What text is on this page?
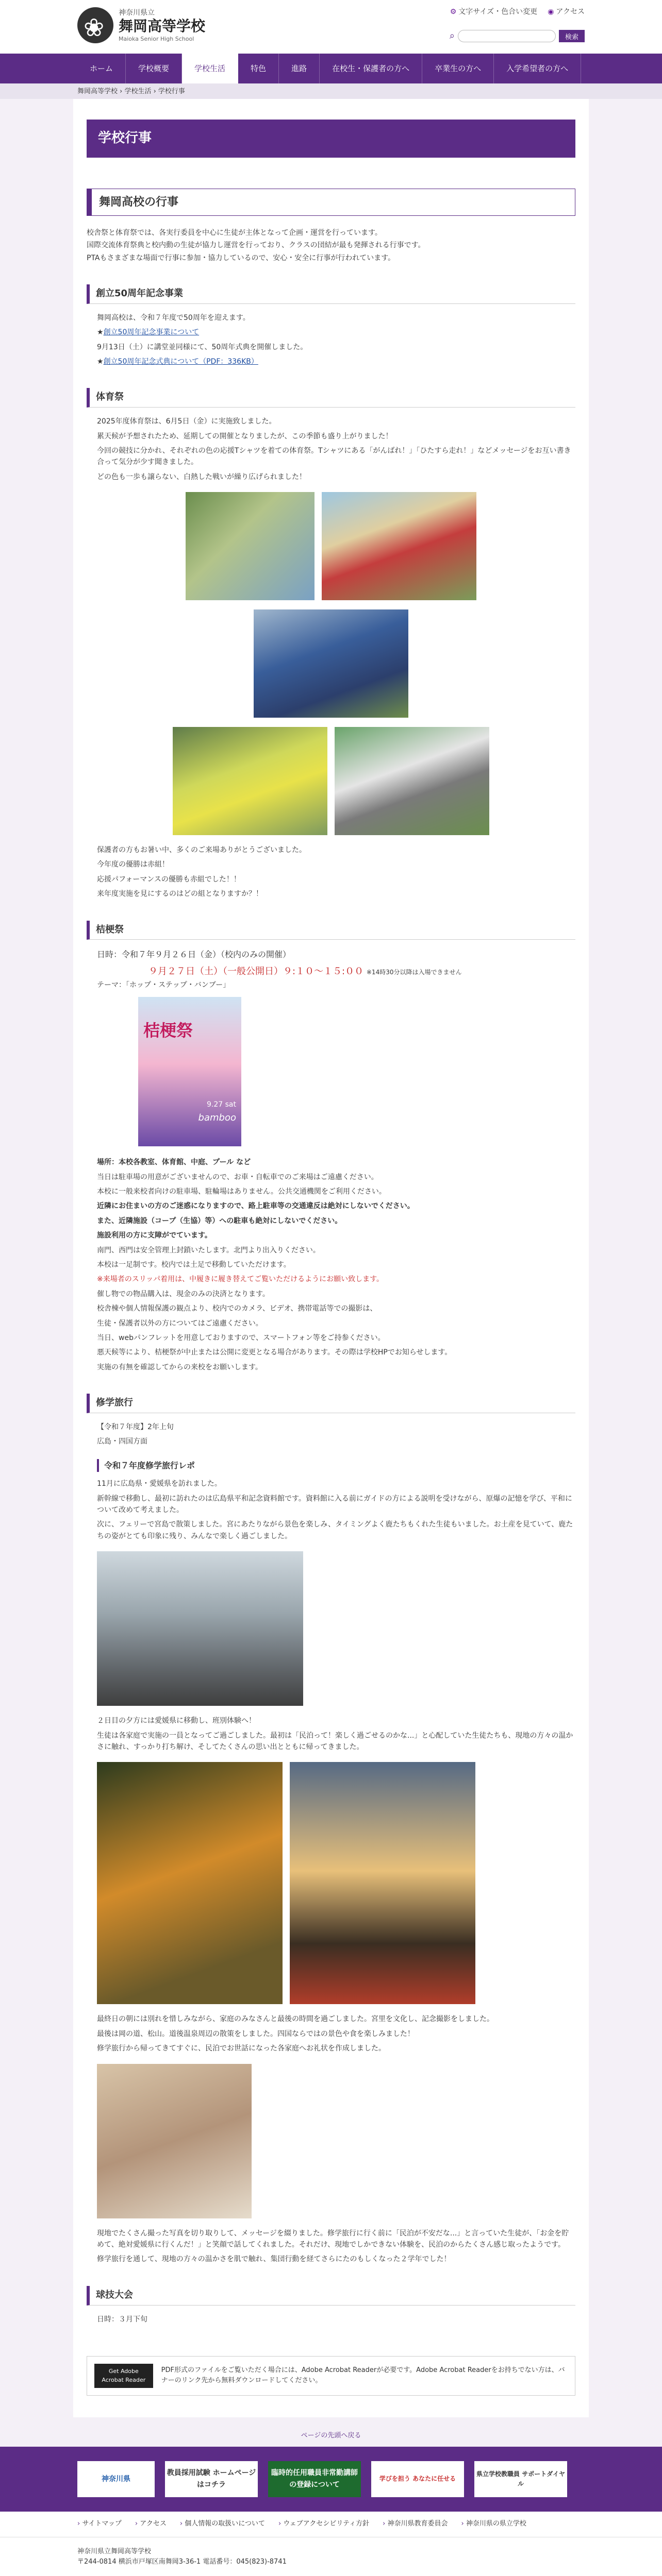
❀
神奈川県立
舞岡高等学校
Maioka Senior High School
⚙ 文字サイズ・色合い変更 ◉ アクセス
⌕	検索
ホーム	学校概要	学校生活	特色	進路	在校生・保護者の方へ	卒業生の方へ	入学希望者の方へ
舞岡高等学校 › 学校生活 › 学校行事
学校行事
舞岡高校の行事

校舎祭と体育祭では、各実行委員を中心に生徒が主体となって企画・運営を行っています。

国際交流体育祭典と校内動の生徒が協力し運営を行っており、クラスの団結が最も発揮される行事です。

PTAもさまざまな場面で行事に参加・協力しているので、安心・安全に行事が行われています。

創立50周年記念事業

舞岡高校は、令和７年度で50周年を迎えます。

★創立50周年記念事業について

9月13日（土）に講堂並同様にて、50周年式典を開催しました。

★創立50周年記念式典について（PDF：336KB）

体育祭

2025年度体育祭は、6月5日（金）に実施致しました。

累天候が予想されたため、延期しての開催となりましたが、この季節も盛り上がりました！

今回の競技に分かれ、それぞれの色の応援Tシャツを着ての体育祭。Tシャツにある「がんばれ！」「ひたすら走れ！」などメッセージをお互い書き合って気分が少す聞きました。

どの色も一歩も譲らない、白熱した戦いが繰り広げられました！

保護者の方もお暑い中、多くのご来場ありがとうございました。

今年度の優勝は赤組！

応援パフォーマンスの優勝も赤組でした！！

来年度実施を見にするのはどの組となりますか？！

桔梗祭

日時：令和７年９月２６日（金）（校内のみの開催）

９月２７日（土）（一般公開日）９:１０～１５:００ ※14時30分以降は入場できません

テーマ：「ホップ・ステップ・バンブー」

桔梗祭
9.27 sat
bamboo

場所：本校各教室、体育館、中庭、プール など

当日は駐車場の用意がございませんので、お車・自転車でのご来場はご遠慮ください。

本校に一般来校者向けの駐車場、駐輪場はありません。公共交通機関をご利用ください。

近隣にお住まいの方のご迷惑になりますので、路上駐車等の交通違反は絶対にしないでください。

また、近隣施設（コープ（生協）等）への駐車も絶対にしないでください。

施設利用の方に支障がでています。

南門、西門は安全管理上封鎖いたします。北門より出入りください。

本校は一足制です。校内では土足で移動していただけます。

※来場者のスリッパ着用は、中履きに履き替えてご覧いただけるようにお願い致します。

催し物での物品購入は、現金のみの決済となります。

校舎棟や個人情報保護の観点より、校内でのカメラ、ビデオ、携帯電話等での撮影は、

生徒・保護者以外の方についてはご遠慮ください。

当日、webパンフレットを用意しておりますので、スマートフォン等をご持参ください。

悪天候等により、桔梗祭が中止または公開に変更となる場合があります。その際は学校HPでお知らせします。

実施の有無を確認してからの来校をお願いします。

修学旅行

【令和７年度】2年上旬

広島・四国方面

令和７年度修学旅行レポ

11月に広島県・愛媛県を訪れました。

新幹線で移動し、最初に訪れたのは広島県平和記念資料館です。資料館に入る前にガイドの方による説明を受けながら、原爆の記憶を学び、平和について改めて考えました。

次に、フェリーで宮島で散策しました。宮にあたりながら景色を楽しみ、タイミングよく鹿たちもくれた生徒もいました。お土産を見ていて、鹿たちの姿がとても印象に残り、みんなで楽しく過ごしました。

２日目の夕方には愛媛県に移動し、班別体験へ！

生徒は各家庭で実施の一員となってご過ごしました。最初は「民泊って！楽しく過ごせるのかな...」と心配していた生徒たちも、現地の方々の温かさに触れ、すっかり打ち解け、そしてたくさんの思い出とともに帰ってきました。

最終日の朝には別れを惜しみながら、家庭のみなさんと最後の時間を過ごしました。宮里を文化し、記念撮影をしました。

最後は岡の道、松山。道後温泉周辺の散策をしました。四国ならではの景色や食を楽しみました！

修学旅行から帰ってきてすぐに、民泊でお世話になった各家庭へお礼状を作成しました。

現地でたくさん撮った写真を切り取りして、メッセージを綴りました。修学旅行に行く前に「民泊が不安だな...」と言っていた生徒が、「お金を貯めて、絶対愛媛県に行くんだ！」と笑顔で話してくれました。それだけ、現地でしかできない体験を、民泊のからたくさん感じ取ったようです。

修学旅行を通して、現地の方々の温かさを肌で触れ、集団行動を経てさらにたのもしくなった２学年でした！

球技大会

日時：３月下旬

Get Adobe Acrobat Reader
PDF形式のファイルをご覧いただく場合には、Adobe Acrobat Readerが必要です。Adobe Acrobat Readerをお持ちでない方は、バナーのリンク先から無料ダウンロードしてください。
ページの先頭へ戻る
神奈川県
教員採用試験 ホームページはコチラ
臨時的任用職員非常勤講師の登録について
学びを担う あなたに任せる
県立学校教職員 サポートダイヤル
› サイトマップ	› アクセス	› 個人情報の取扱いについて	› ウェブアクセシビリティ方針	› 神奈川県教育委員会	› 神奈川県の県立学校
神奈川県立舞岡高等学校
〒244-0814 横浜市戸塚区南舞岡3-36-1 電話番号：045(823)-8741
